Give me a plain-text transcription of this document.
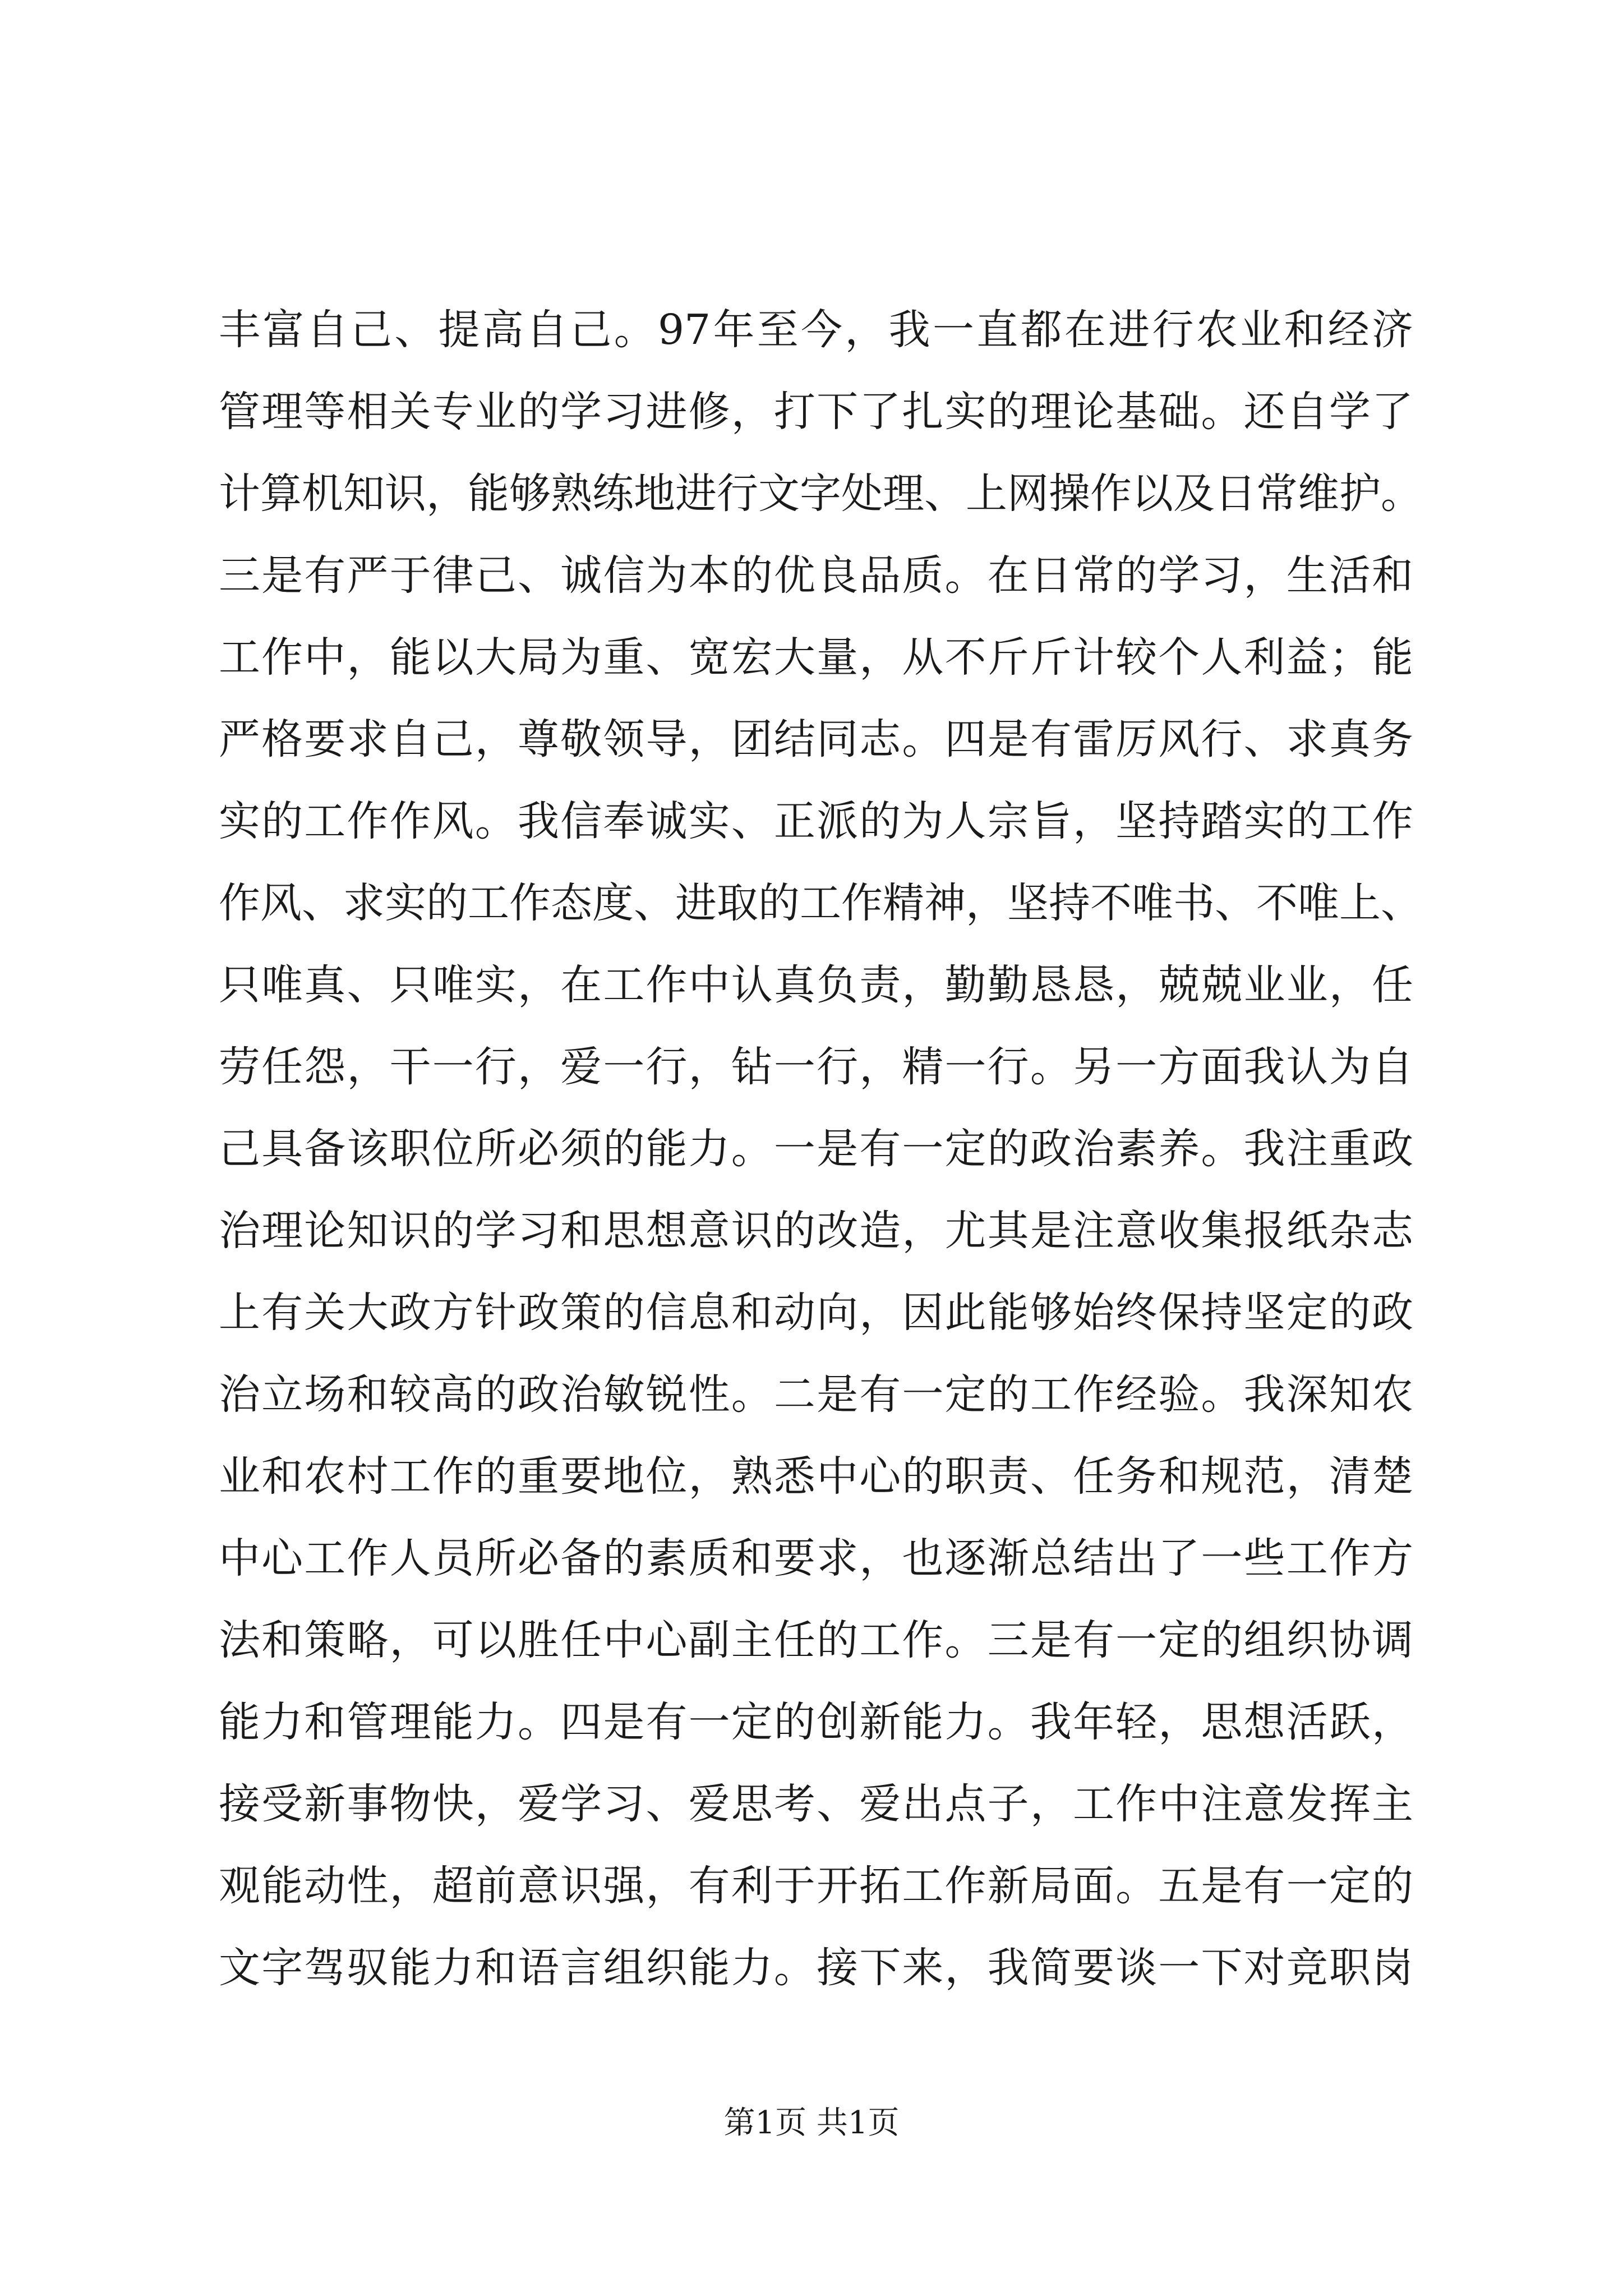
丰富自己、提高自己。97年至今，我一直都在进行农业和经济
管理等相关专业的学习进修，打下了扎实的理论基础。还自学了
计算机知识，能够熟练地进行文字处理、上网操作以及日常维护。
三是有严于律己、诚信为本的优良品质。在日常的学习，生活和
工作中，能以大局为重、宽宏大量，从不斤斤计较个人利益；能
严格要求自己，尊敬领导，团结同志。四是有雷厉风行、求真务
实的工作作风。我信奉诚实、正派的为人宗旨，坚持踏实的工作
作风、求实的工作态度、进取的工作精神，坚持不唯书、不唯上、
只唯真、只唯实，在工作中认真负责，勤勤恳恳，兢兢业业，任
劳任怨，干一行，爱一行，钻一行，精一行。另一方面我认为自
己具备该职位所必须的能力。一是有一定的政治素养。我注重政
治理论知识的学习和思想意识的改造，尤其是注意收集报纸杂志
上有关大政方针政策的信息和动向，因此能够始终保持坚定的政
治立场和较高的政治敏锐性。二是有一定的工作经验。我深知农
业和农村工作的重要地位，熟悉中心的职责、任务和规范，清楚
中心工作人员所必备的素质和要求，也逐渐总结出了一些工作方
法和策略，可以胜任中心副主任的工作。三是有一定的组织协调
能力和管理能力。四是有一定的创新能力。我年轻，思想活跃，
接受新事物快，爱学习、爱思考、爱出点子，工作中注意发挥主
观能动性，超前意识强，有利于开拓工作新局面。五是有一定的
文字驾驭能力和语言组织能力。接下来，我简要谈一下对竞职岗
第1页 共1页
